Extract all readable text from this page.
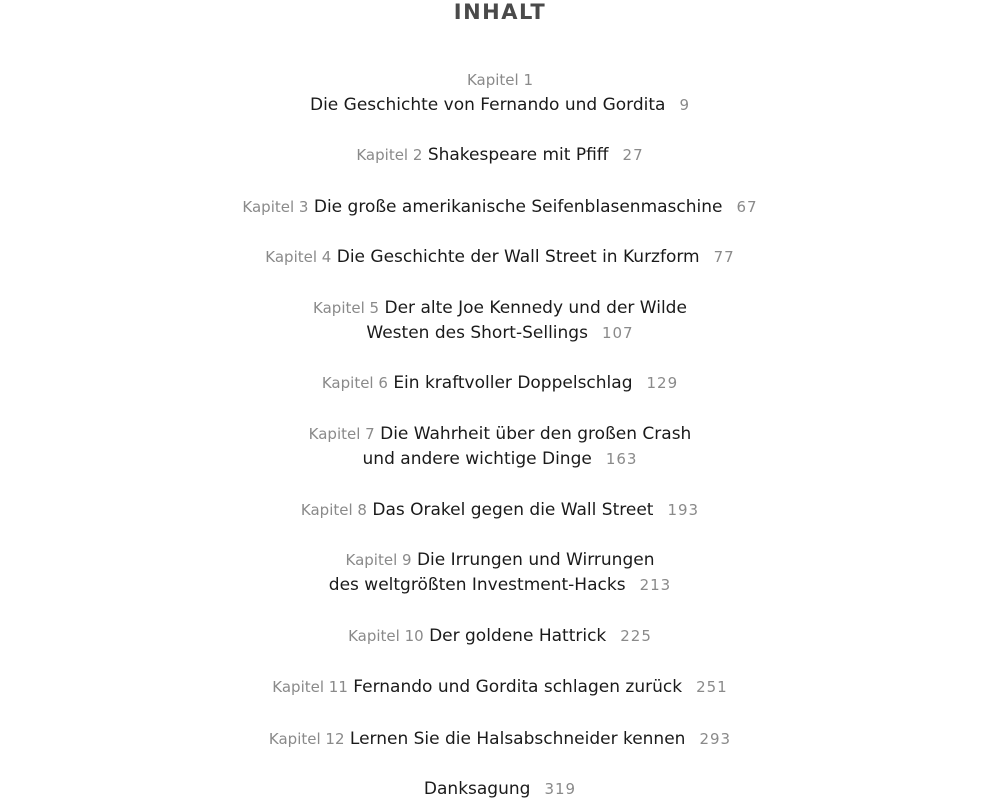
INHALT
Kapitel 1
Die Geschichte von Fernando und Gordita 9
Kapitel 2 Shakespeare mit Pfiff 27
Kapitel 3 Die große amerikanische Seifenblasenmaschine 67
Kapitel 4 Die Geschichte der Wall Street in Kurzform 77
Kapitel 5 Der alte Joe Kennedy und der Wilde
Westen des Short-Sellings 107
Kapitel 6 Ein kraftvoller Doppelschlag 129
Kapitel 7 Die Wahrheit über den großen Crash
und andere wichtige Dinge 163
Kapitel 8 Das Orakel gegen die Wall Street 193
Kapitel 9 Die Irrungen und Wirrungen
des weltgrößten Investment-Hacks 213
Kapitel 10 Der goldene Hattrick 225
Kapitel 11 Fernando und Gordita schlagen zurück 251
Kapitel 12 Lernen Sie die Halsabschneider kennen 293
Danksagung 319
